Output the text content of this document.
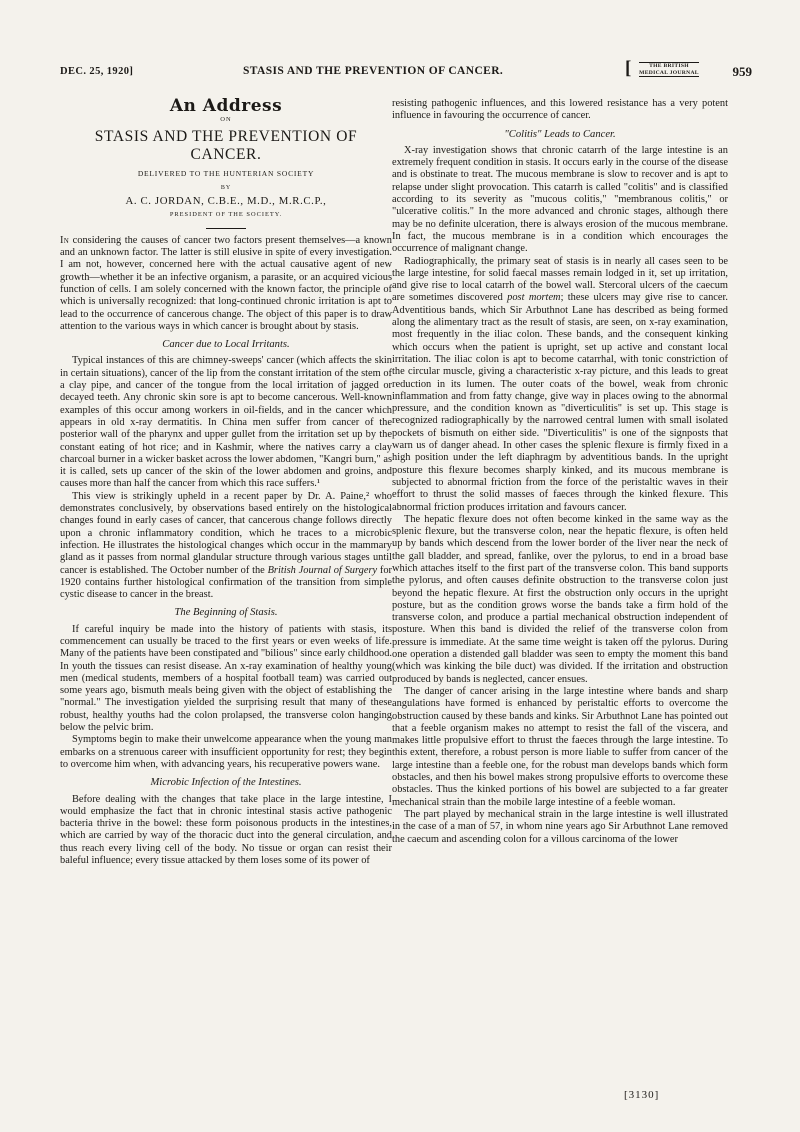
DEC. 25, 1920]	STASIS AND THE PREVENTION OF CANCER.	[	THE BRITISH MEDICAL JOURNAL	959
An Address
ON
STASIS AND THE PREVENTION OF CANCER.
DELIVERED TO THE HUNTERIAN SOCIETY
BY
A. C. JORDAN, C.B.E., M.D., M.R.C.P.,
PRESIDENT OF THE SOCIETY.

In considering the causes of cancer two factors present themselves—a known and an unknown factor. The latter is still elusive in spite of every investigation. I am not, however, concerned here with the actual causative agent of new growth—whether it be an infective organism, a parasite, or an acquired vicious function of cells. I am solely concerned with the known factor, the principle of which is universally recognized: that long-continued chronic irritation is apt to lead to the occurrence of cancerous change. The object of this paper is to draw attention to the various ways in which cancer is brought about by stasis.

Cancer due to Local Irritants.

Typical instances of this are chimney-sweeps' cancer (which affects the skin in certain situations), cancer of the lip from the constant irritation of the stem of a clay pipe, and cancer of the tongue from the local irritation of jagged or decayed teeth. Any chronic skin sore is apt to become cancerous. Well-known examples of this occur among workers in oil-fields, and in the cancer which appears in old x-ray dermatitis. In China men suffer from cancer of the posterior wall of the pharynx and upper gullet from the irritation set up by the constant eating of hot rice; and in Kashmir, where the natives carry a clay charcoal burner in a wicker basket across the lower abdomen, "Kangri burn," as it is called, sets up cancer of the skin of the lower abdomen and groins, and causes more than half the cancer from which this race suffers.¹

This view is strikingly upheld in a recent paper by Dr. A. Paine,² who demonstrates conclusively, by observations based entirely on the histological changes found in early cases of cancer, that cancerous change follows directly upon a chronic inflammatory condition, which he traces to a microbic infection. He illustrates the histological changes which occur in the mammary gland as it passes from normal glandular structure through various stages until cancer is established. The October number of the British Journal of Surgery for 1920 contains further histological confirmation of the transition from simple cystic disease to cancer in the breast.

The Beginning of Stasis.

If careful inquiry be made into the history of patients with stasis, its commencement can usually be traced to the first years or even weeks of life. Many of the patients have been constipated and "bilious" since early childhood. In youth the tissues can resist disease. An x-ray examination of healthy young men (medical students, members of a hospital football team) was carried out some years ago, bismuth meals being given with the object of establishing the "normal." The investigation yielded the surprising result that many of these robust, healthy youths had the colon prolapsed, the transverse colon hanging below the pelvic brim.

Symptoms begin to make their unwelcome appearance when the young man embarks on a strenuous career with insufficient opportunity for rest; they begin to overcome him when, with advancing years, his recuperative powers wane.

Microbic Infection of the Intestines.

Before dealing with the changes that take place in the large intestine, I would emphasize the fact that in chronic intestinal stasis active pathogenic bacteria thrive in the bowel: these form poisonous products in the intestines, which are carried by way of the thoracic duct into the general circulation, and thus reach every living cell of the body. No tissue or organ can resist their baleful influence; every tissue attacked by them loses some of its power of

resisting pathogenic influences, and this lowered resistance has a very potent influence in favouring the occurrence of cancer.

"Colitis" Leads to Cancer.

X-ray investigation shows that chronic catarrh of the large intestine is an extremely frequent condition in stasis. It occurs early in the course of the disease and is obstinate to treat. The mucous membrane is slow to recover and is apt to relapse under slight provocation. This catarrh is called "colitis" and is classified according to its severity as "mucous colitis," "membranous colitis," or "ulcerative colitis." In the more advanced and chronic stages, although there may be no definite ulceration, there is always erosion of the mucous membrane. In fact, the mucous membrane is in a condition which encourages the occurrence of malignant change.

Radiographically, the primary seat of stasis is in nearly all cases seen to be the large intestine, for solid faecal masses remain lodged in it, set up irritation, and give rise to local catarrh of the bowel wall. Stercoral ulcers of the caecum are sometimes discovered post mortem; these ulcers may give rise to cancer. Adventitious bands, which Sir Arbuthnot Lane has described as being formed along the alimentary tract as the result of stasis, are seen, on x-ray examination, most frequently in the iliac colon. These bands, and the consequent kinking which occurs when the patient is upright, set up active and constant local irritation. The iliac colon is apt to become catarrhal, with tonic constriction of the circular muscle, giving a characteristic x-ray picture, and this leads to great reduction in its lumen. The outer coats of the bowel, weak from chronic inflammation and from fatty change, give way in places owing to the abnormal pressure, and the condition known as "diverticulitis" is set up. This stage is recognized radiographically by the narrowed central lumen with small isolated pockets of bismuth on either side. "Diverticulitis" is one of the signposts that warn us of danger ahead. In other cases the splenic flexure is firmly fixed in a high position under the left diaphragm by adventitious bands. In the upright posture this flexure becomes sharply kinked, and its mucous membrane is subjected to abnormal friction from the force of the peristaltic waves in their effort to thrust the solid masses of faeces through the kinked flexure. This abnormal friction produces irritation and favours cancer.

The hepatic flexure does not often become kinked in the same way as the splenic flexure, but the transverse colon, near the hepatic flexure, is often held up by bands which descend from the lower border of the liver near the neck of the gall bladder, and spread, fanlike, over the pylorus, to end in a broad base which attaches itself to the first part of the transverse colon. This band supports the pylorus, and often causes definite obstruction to the transverse colon just beyond the hepatic flexure. At first the obstruction only occurs in the upright posture, but as the condition grows worse the bands take a firm hold of the transverse colon, and produce a partial mechanical obstruction independent of posture. When this band is divided the relief of the transverse colon from pressure is immediate. At the same time weight is taken off the pylorus. During one operation a distended gall bladder was seen to empty the moment this band (which was kinking the bile duct) was divided. If the irritation and obstruction produced by bands is neglected, cancer ensues.

The danger of cancer arising in the large intestine where bands and sharp angulations have formed is enhanced by peristaltic efforts to overcome the obstruction caused by these bands and kinks. Sir Arbuthnot Lane has pointed out that a feeble organism makes no attempt to resist the fall of the viscera, and makes little propulsive effort to thrust the faeces through the large intestine. To this extent, therefore, a robust person is more liable to suffer from cancer of the large intestine than a feeble one, for the robust man develops bands which form obstacles, and then his bowel makes strong propulsive efforts to overcome these obstacles. Thus the kinked portions of his bowel are subjected to a far greater mechanical strain than the mobile large intestine of a feeble woman.

The part played by mechanical strain in the large intestine is well illustrated in the case of a man of 57, in whom nine years ago Sir Arbuthnot Lane removed the caecum and ascending colon for a villous carcinoma of the lower

[3130]
